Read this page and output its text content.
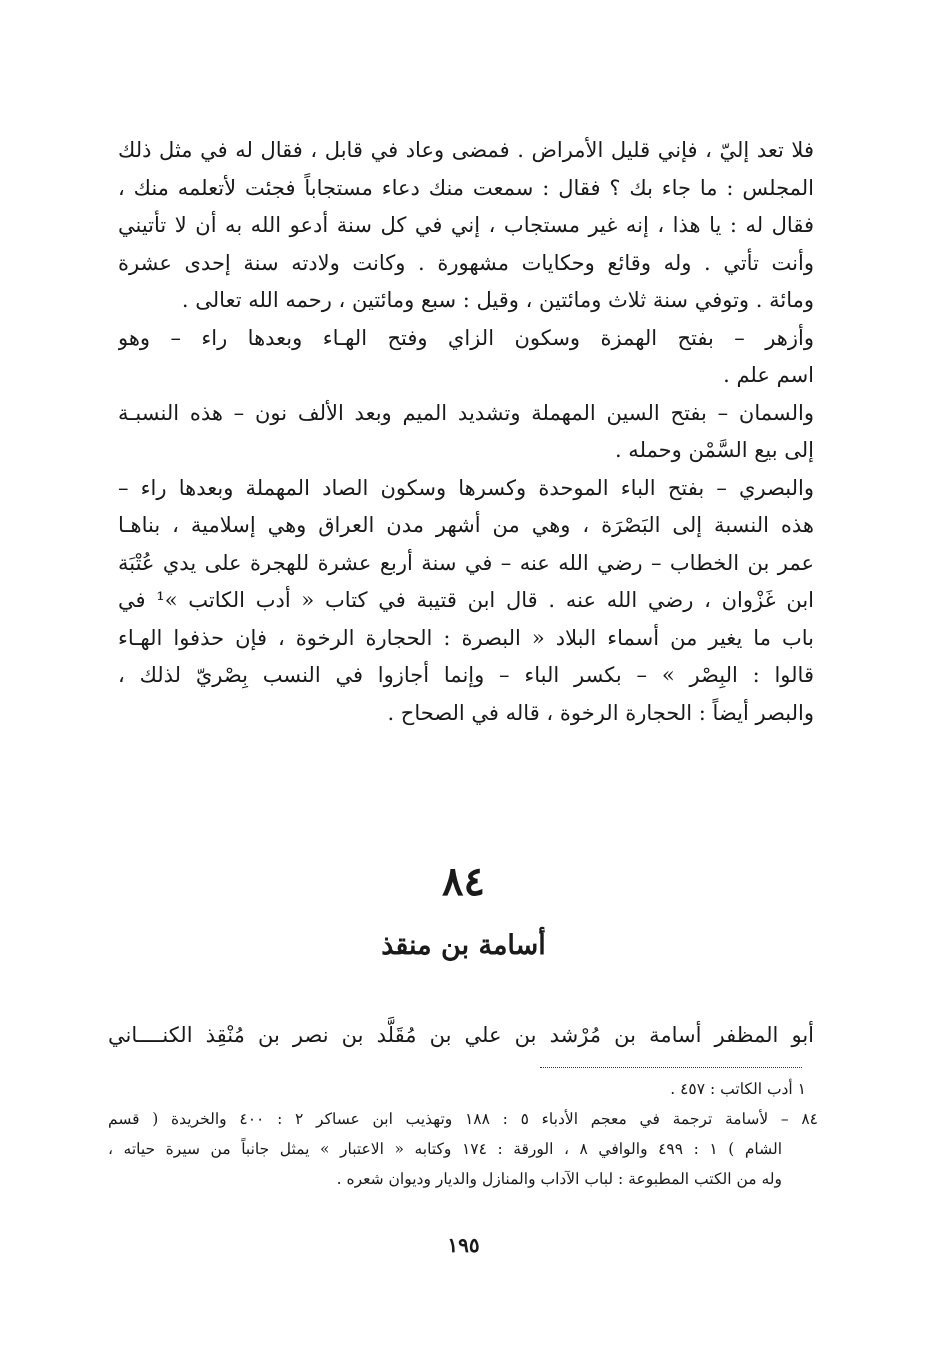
فلا تعد إليّ ، فإني قليل الأمراض . فمضى وعاد في قابل ، فقال له في مثل ذلك
المجلس : ما جاء بك ؟ فقال : سمعت منك دعاء مستجاباً فجئت لأتعلمه منك ،
فقال له : يا هذا ، إنه غير مستجاب ، إني في كل سنة أدعو الله به أن لا تأتيني
وأنت تأتي . وله وقائع وحكايات مشهورة . وكانت ولادته سنة إحدى عشرة
ومائة . وتوفي سنة ثلاث ومائتين ، وقيل : سبع ومائتين ، رحمه الله تعالى .
وأزهر – بفتح الهمزة وسكون الزاي وفتح الهـاء وبعدها راء – وهو
اسم علم .
والسمان – بفتح السين المهملة وتشديد الميم وبعد الألف نون – هذه النسبـة
إلى بيع السَّمْن وحمله .
والبصري – بفتح الباء الموحدة وكسرها وسكون الصاد المهملة وبعدها راء –
هذه النسبة إلى البَصْرَة ، وهي من أشهر مدن العراق وهي إسلامية ، بناهـا
عمر بن الخطاب – رضي الله عنه – في سنة أربع عشرة للهجرة على يدي عُتْبَة
ابن غَزْوان ، رضي الله عنه . قال ابن قتيبة في كتاب « أدب الكاتب »¹ في
باب ما يغير من أسماء البلاد « البصرة : الحجارة الرخوة ، فإن حذفوا الهـاء
قالوا : البِصْر » – بكسر الباء – وإنما أجازوا في النسب بِصْريّ لذلك ،
والبصر أيضاً : الحجارة الرخوة ، قاله في الصحاح .
٨٤
أسامة بن منقذ
أبو المظفر أسامة بن مُرْشد بن علي بن مُقَلَّد بن نصر بن مُنْقِذ الكنــــاني
١ أدب الكاتب : ٤٥٧ .
٨٤ – لأسامة ترجمة في معجم الأدباء ٥ : ١٨٨ وتهذيب ابن عساكر ٢ : ٤٠٠ والخريدة ( قسم
الشام ) ١ : ٤٩٩ والوافي ٨ ، الورقة : ١٧٤ وكتابه « الاعتبار » يمثل جانباً من سيرة حياته ،
وله من الكتب المطبوعة : لباب الآداب والمنازل والديار وديوان شعره .
١٩٥
